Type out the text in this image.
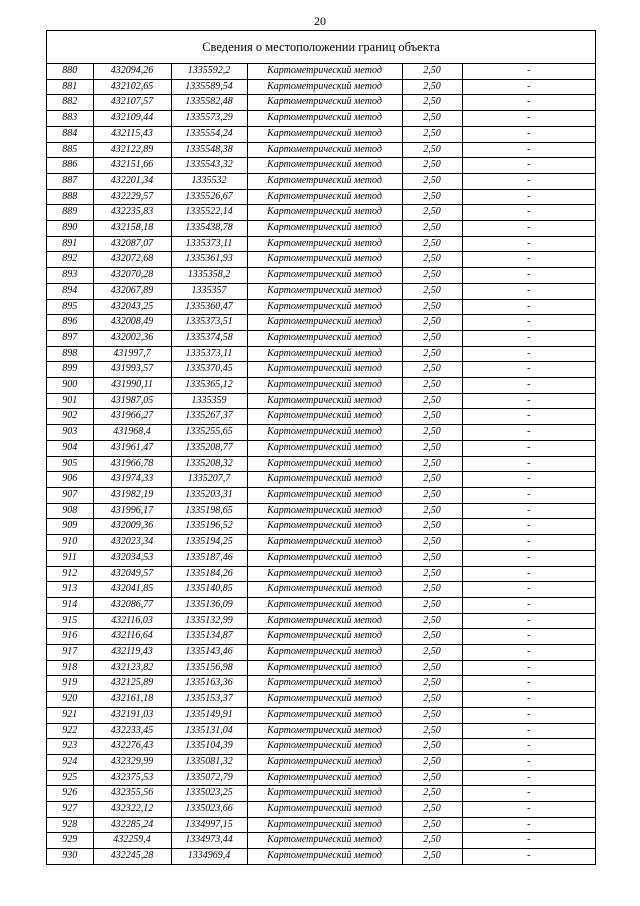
20
Сведения о местоположении границ объекта
880	432094,26	1335592,2	Картометрический метод	2,50	-
881	432102,65	1335589,54	Картометрический метод	2,50	-
882	432107,57	1335582,48	Картометрический метод	2,50	-
883	432109,44	1335573,29	Картометрический метод	2,50	-
884	432115,43	1335554,24	Картометрический метод	2,50	-
885	432122,89	1335548,38	Картометрический метод	2,50	-
886	432151,66	1335543,32	Картометрический метод	2,50	-
887	432201,34	1335532	Картометрический метод	2,50	-
888	432229,57	1335526,67	Картометрический метод	2,50	-
889	432235,83	1335522,14	Картометрический метод	2,50	-
890	432158,18	1335438,78	Картометрический метод	2,50	-
891	432087,07	1335373,11	Картометрический метод	2,50	-
892	432072,68	1335361,93	Картометрический метод	2,50	-
893	432070,28	1335358,2	Картометрический метод	2,50	-
894	432067,89	1335357	Картометрический метод	2,50	-
895	432043,25	1335360,47	Картометрический метод	2,50	-
896	432008,49	1335373,51	Картометрический метод	2,50	-
897	432002,36	1335374,58	Картометрический метод	2,50	-
898	431997,7	1335373,11	Картометрический метод	2,50	-
899	431993,57	1335370,45	Картометрический метод	2,50	-
900	431990,11	1335365,12	Картометрический метод	2,50	-
901	431987,05	1335359	Картометрический метод	2,50	-
902	431966,27	1335267,37	Картометрический метод	2,50	-
903	431968,4	1335255,65	Картометрический метод	2,50	-
904	431961,47	1335208,77	Картометрический метод	2,50	-
905	431966,78	1335208,32	Картометрический метод	2,50	-
906	431974,33	1335207,7	Картометрический метод	2,50	-
907	431982,19	1335203,31	Картометрический метод	2,50	-
908	431996,17	1335198,65	Картометрический метод	2,50	-
909	432009,36	1335196,52	Картометрический метод	2,50	-
910	432023,34	1335194,25	Картометрический метод	2,50	-
911	432034,53	1335187,46	Картометрический метод	2,50	-
912	432049,57	1335184,26	Картометрический метод	2,50	-
913	432041,85	1335140,85	Картометрический метод	2,50	-
914	432086,77	1335136,09	Картометрический метод	2,50	-
915	432116,03	1335132,99	Картометрический метод	2,50	-
916	432116,64	1335134,87	Картометрический метод	2,50	-
917	432119,43	1335143,46	Картометрический метод	2,50	-
918	432123,82	1335156,98	Картометрический метод	2,50	-
919	432125,89	1335163,36	Картометрический метод	2,50	-
920	432161,18	1335153,37	Картометрический метод	2,50	-
921	432191,03	1335149,91	Картометрический метод	2,50	-
922	432233,45	1335131,04	Картометрический метод	2,50	-
923	432276,43	1335104,39	Картометрический метод	2,50	-
924	432329,99	1335081,32	Картометрический метод	2,50	-
925	432375,53	1335072,79	Картометрический метод	2,50	-
926	432355,56	1335023,25	Картометрический метод	2,50	-
927	432322,12	1335023,66	Картометрический метод	2,50	-
928	432285,24	1334997,15	Картометрический метод	2,50	-
929	432259,4	1334973,44	Картометрический метод	2,50	-
930	432245,28	1334969,4	Картометрический метод	2,50	-
